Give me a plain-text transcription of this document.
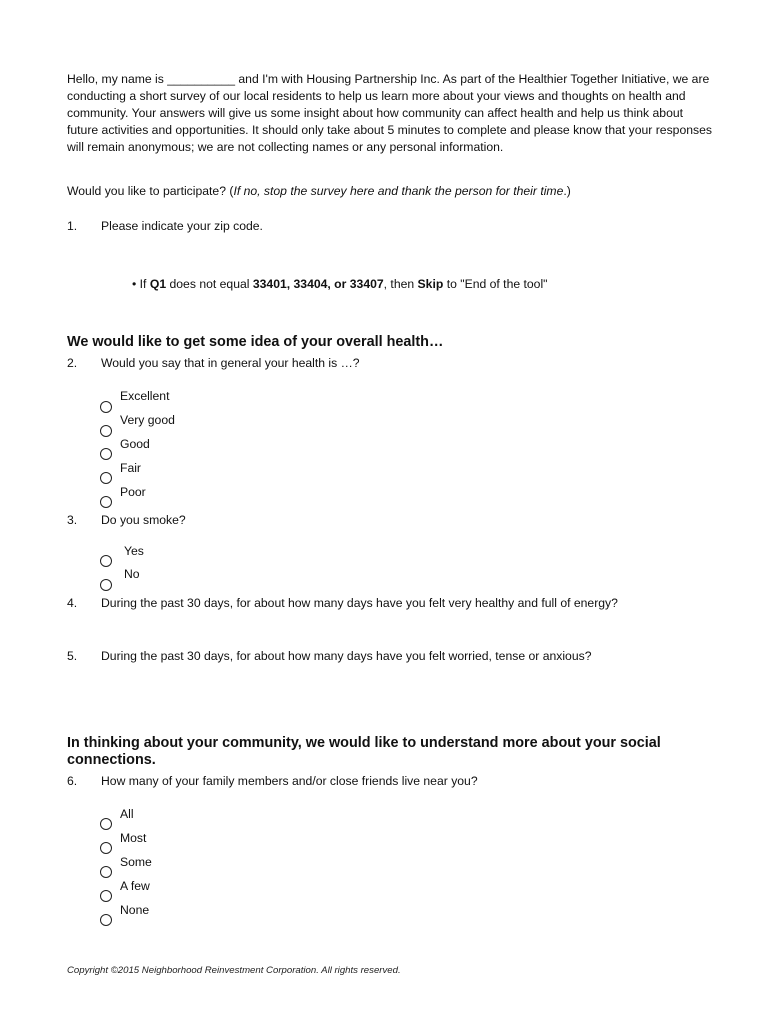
Hello, my name is __________ and I'm with Housing Partnership Inc. As part of the Healthier Together Initiative, we are conducting a short survey of our local residents to help us learn more about your views and thoughts on health and community. Your answers will give us some insight about how community can affect health and help us think about future activities and opportunities. It should only take about 5 minutes to complete and please know that your responses will remain anonymous; we are not collecting names or any personal information.

Would you like to participate? (If no, stop the survey here and thank the person for their time.)

1. Please indicate your zip code.
• If Q1 does not equal 33401, 33404, or 33407, then Skip to "End of the tool"
We would like to get some idea of your overall health…
2. Would you say that in general your health is …?
Excellent
Very good
Good
Fair
Poor
3. Do you smoke?
Yes
No
4. During the past 30 days, for about how many days have you felt very healthy and full of energy?
5. During the past 30 days, for about how many days have you felt worried, tense or anxious?
In thinking about your community, we would like to understand more about your social connections.
6. How many of your family members and/or close friends live near you?
All
Most
Some
A few
None
Copyright ©2015 Neighborhood Reinvestment Corporation. All rights reserved.
